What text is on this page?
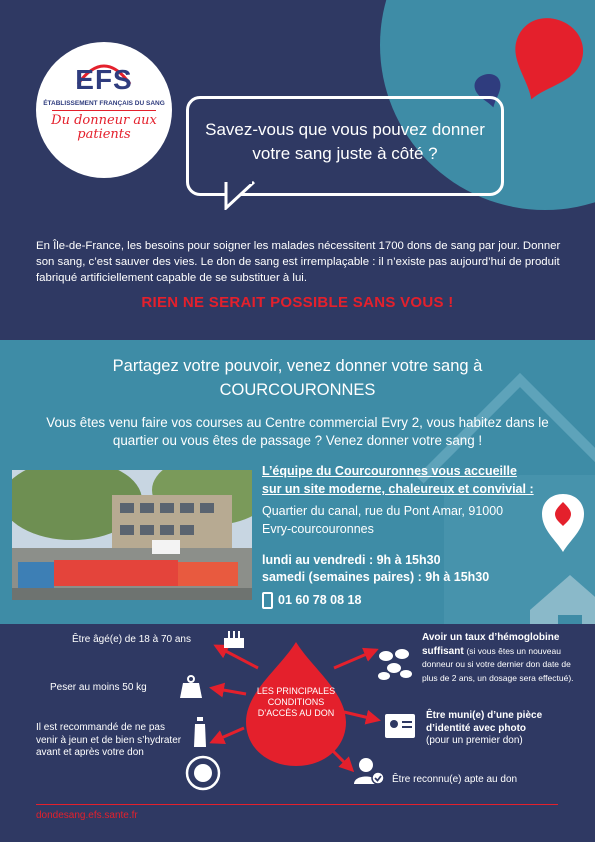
EFS
ÉTABLISSEMENT FRANÇAIS DU SANG
Du donneur aux patients	Savez-vous que vous pouvez donner votre sang juste à côté ?
En Île-de-France, les besoins pour soigner les malades nécessitent 1700 dons de sang par jour. Donner son sang, c’est sauver des vies. Le don de sang est irremplaçable : il n’existe pas aujourd’hui de produit fabriqué artificiellement capable de se substituer à lui.
RIEN NE SERAIT POSSIBLE SANS VOUS !
Partagez votre pouvoir, venez donner votre sang à
COURCOURONNES
Vous êtes venu faire vos courses au Centre commercial Evry 2, vous habitez dans le quartier ou vous êtes de passage ? Venez donner votre sang !
L’équipe du Courcouronnes vous accueille
sur un site moderne, chaleureux et convivial :
Quartier du canal, rue du Pont Amar, 91000
Evry-courcouronnes
lundi au vendredi : 9h à 15h30
samedi (semaines paires) : 9h à 15h30
01 60 78 08 18
LES PRINCIPALES CONDITIONS D’ACCÈS AU DON
Être âgé(e) de 18 à 70 ans
Peser au moins 50 kg
Il est recommandé de ne pas venir à jeun et de bien s’hydrater avant et après votre don
Avoir un taux d’hémoglobine
suffisant (si vous êtes un nouveau donneur ou si votre dernier don date de plus de 2 ans, un dosage sera effectué).
Être muni(e) d’une pièce d’identité avec photo
(pour un premier don)
Être reconnu(e) apte au don
dondesang.efs.sante.fr
